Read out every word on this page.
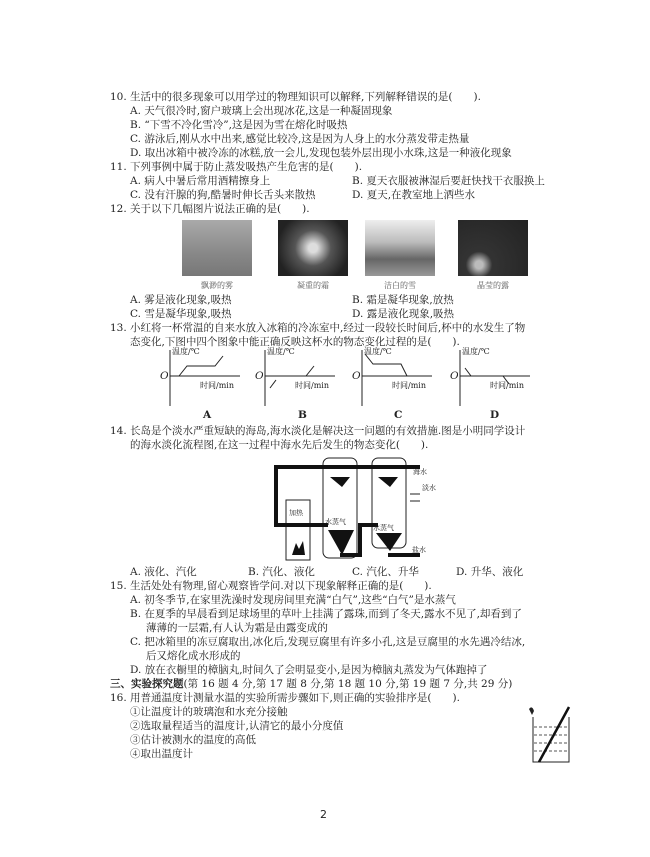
10. 生活中的很多现象可以用学过的物理知识可以解释,下列解释错误的是(　　).
A. 天气很冷时,窗户玻璃上会出现冰花,这是一种凝固现象
B. “下雪不冷化雪冷”,这是因为雪在熔化时吸热
C. 游泳后,刚从水中出来,感觉比较冷,这是因为人身上的水分蒸发带走热量
D. 取出冰箱中被冷冻的冰糕,放一会儿,发现包装外层出现小水珠,这是一种液化现象
11. 下列事例中属于防止蒸发吸热产生危害的是(　　).
A. 病人中暑后常用酒精擦身上	B. 夏天衣服被淋湿后要赶快找干衣服换上
C. 没有汗腺的狗,酷暑时伸长舌头来散热	D. 夏天,在教室地上洒些水
12. 关于以下几幅图片说法正确的是(　　).
飘渺的雾	凝重的霜	洁白的雪	晶莹的露
A. 雾是液化现象,吸热	B. 霜是凝华现象,放热
C. 雪是凝华现象,吸热	D. 露是液化现象,吸热
13. 小红将一杯常温的自来水放入冰箱的冷冻室中,经过一段较长时间后,杯中的水发生了物
态变化,下图中四个图象中能正确反映这杯水的物态变化过程的是(　　).
温度/℃	温度/℃	温度/℃	温度/℃
时间/min	时间/min	时间/min	时间/min
O	O	O	O
A	B	C	D
14. 长岛是个淡水严重短缺的海岛,海水淡化是解决这一问题的有效措施.图是小明同学设计
的海水淡化流程图,在这一过程中海水先后发生的物态变化(　　).
海水
淡水
加热
水蒸气
水蒸气
盐水
A. 液化、汽化	B. 汽化、液化	C. 汽化、升华	D. 升华、液化
15. 生活处处有物理,留心观察皆学问.对以下现象解释正确的是(　　).
A. 初冬季节,在家里洗澡时发现房间里充满“白气”,这些“白气”是水蒸气
B. 在夏季的早晨看到足球场里的草叶上挂满了露珠,而到了冬天,露水不见了,却看到了
薄薄的一层霜,有人认为霜是由露变成的
C. 把冰箱里的冻豆腐取出,冰化后,发现豆腐里有许多小孔,这是豆腐里的水先遇冷结冰,
后又熔化成水形成的
D. 放在衣橱里的樟脑丸,时间久了会明显变小,是因为樟脑丸蒸发为气体跑掉了
三、实验探究题(第 16 题 4 分,第 17 题 8 分,第 18 题 10 分,第 19 题 7 分,共 29 分)
16. 用普通温度计测量水温的实验所需步骤如下,则正确的实验排序是(　　).
①让温度计的玻璃泡和水充分接触
②选取量程适当的温度计,认清它的最小分度值
③估计被测水的温度的高低
④取出温度计
2
